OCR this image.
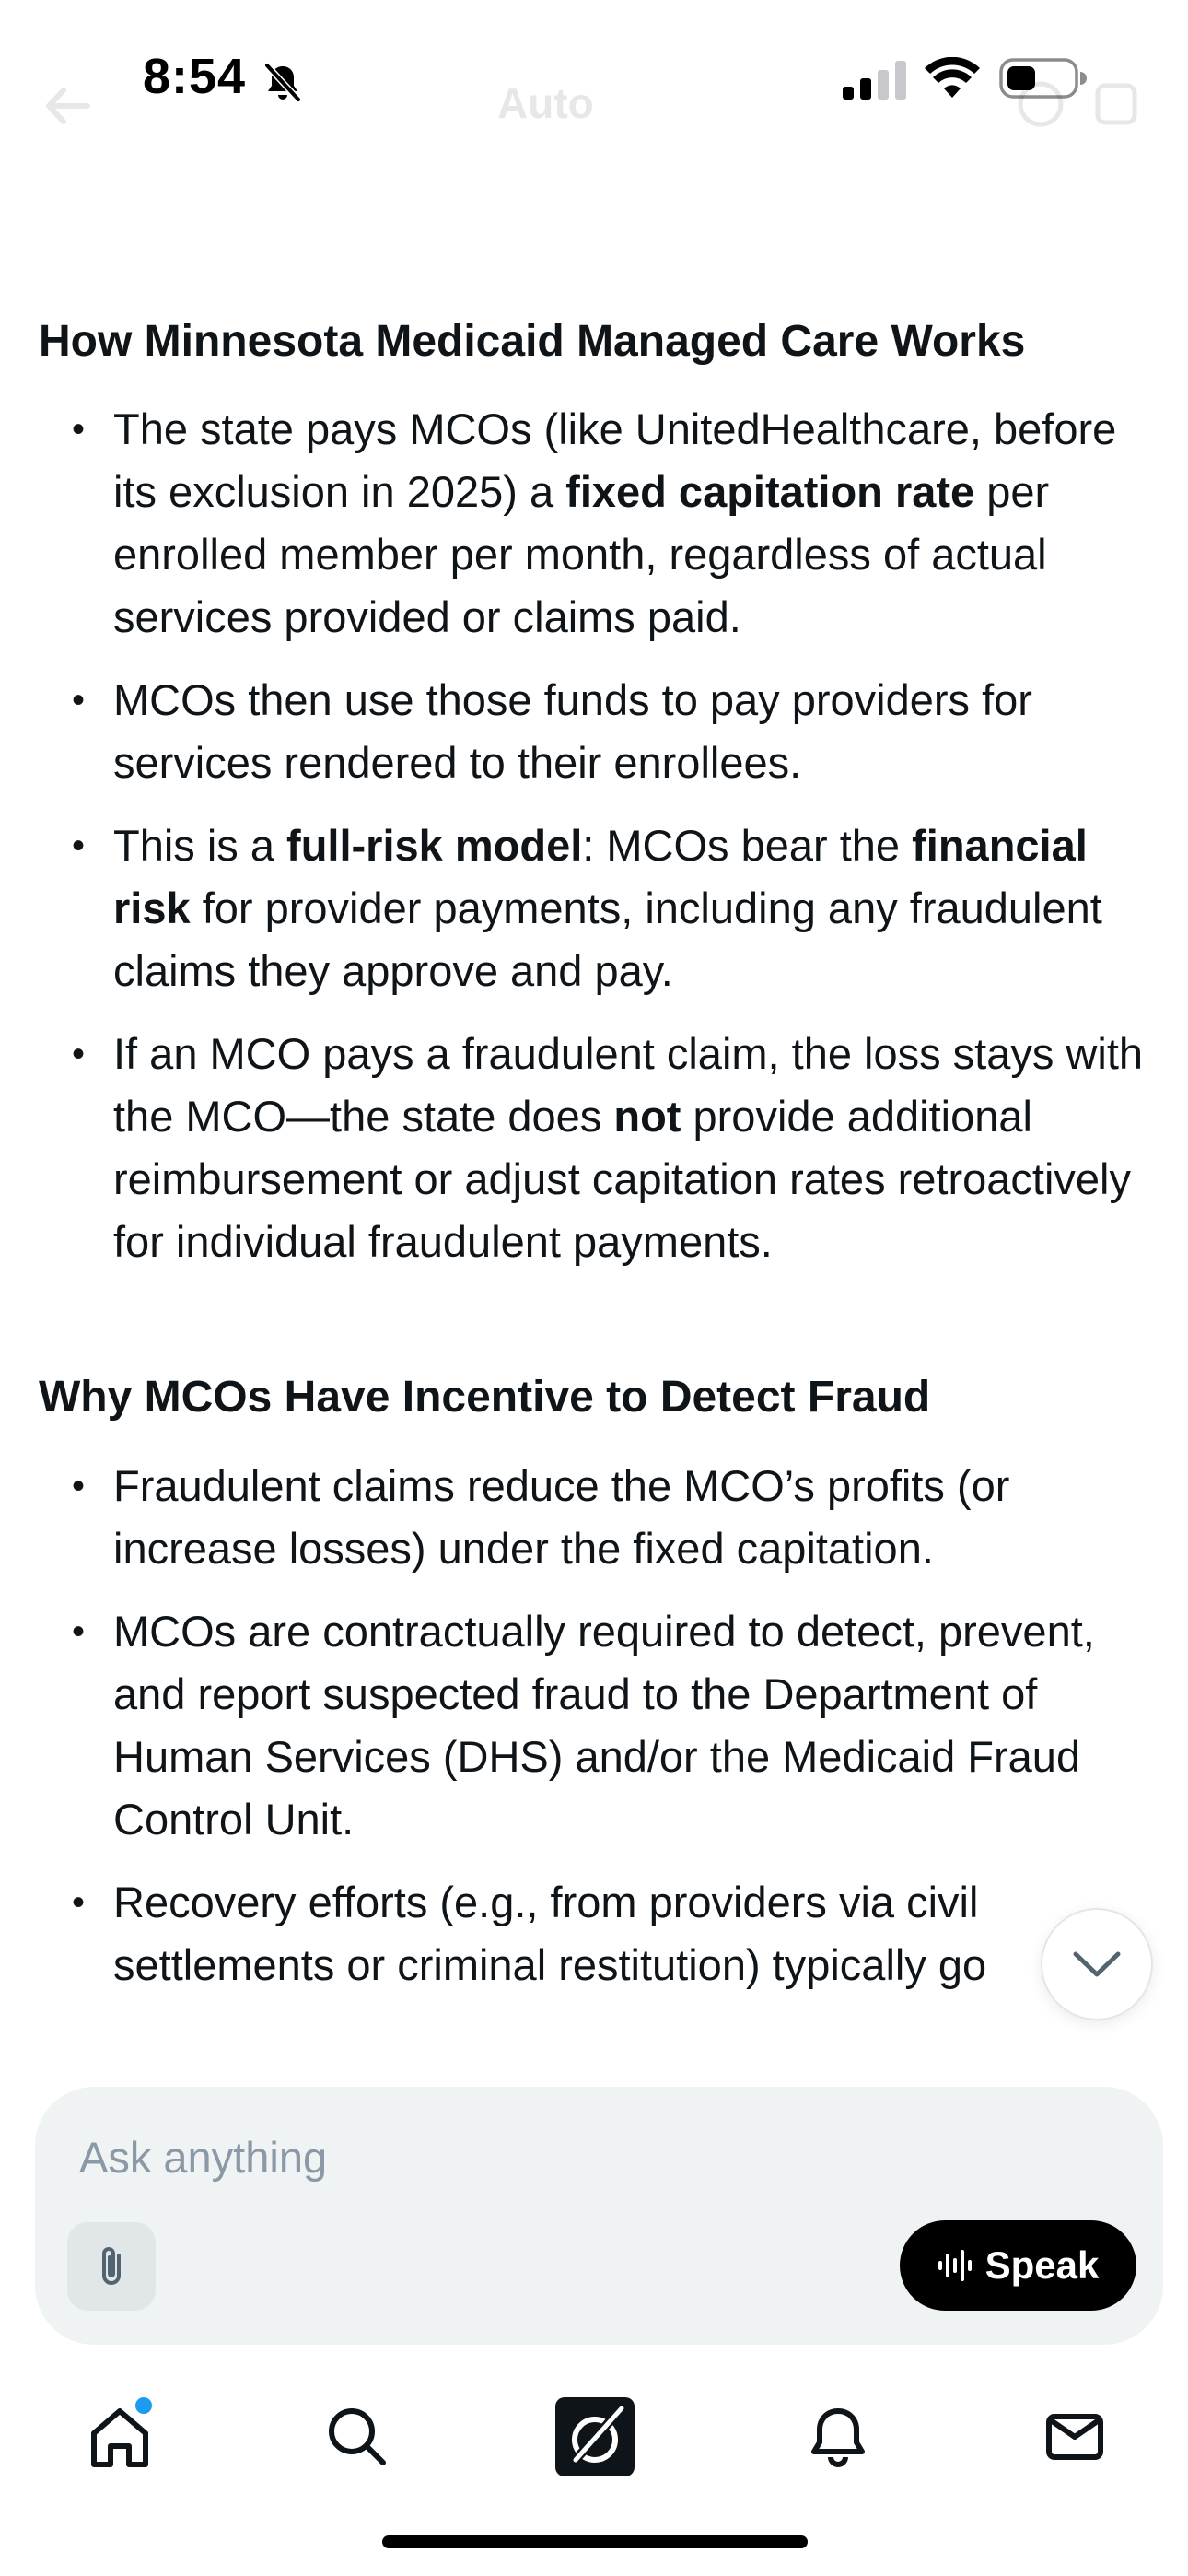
Auto
8:54
How Minnesota Medicaid Managed Care Works
• The state pays MCOs (like UnitedHealthcare, before its exclusion in 2025) a fixed capitation rate per enrolled member per month, regardless of actual services provided or claims paid.
• MCOs then use those funds to pay providers for services rendered to their enrollees.
• This is a full-risk model: MCOs bear the financial risk for provider payments, including any fraudulent claims they approve and pay.
• If an MCO pays a fraudulent claim, the loss stays with the MCO—the state does not provide additional reimbursement or adjust capitation rates retroactively for individual fraudulent payments.
Why MCOs Have Incentive to Detect Fraud
• Fraudulent claims reduce the MCO’s profits (or increase losses) under the fixed capitation.
• MCOs are contractually required to detect, prevent, and report suspected fraud to the Department of Human Services (DHS) and/or the Medicaid Fraud Control Unit.
• Recovery efforts (e.g., from providers via civil settlements or criminal restitution) typically go
Ask anything
Speak
